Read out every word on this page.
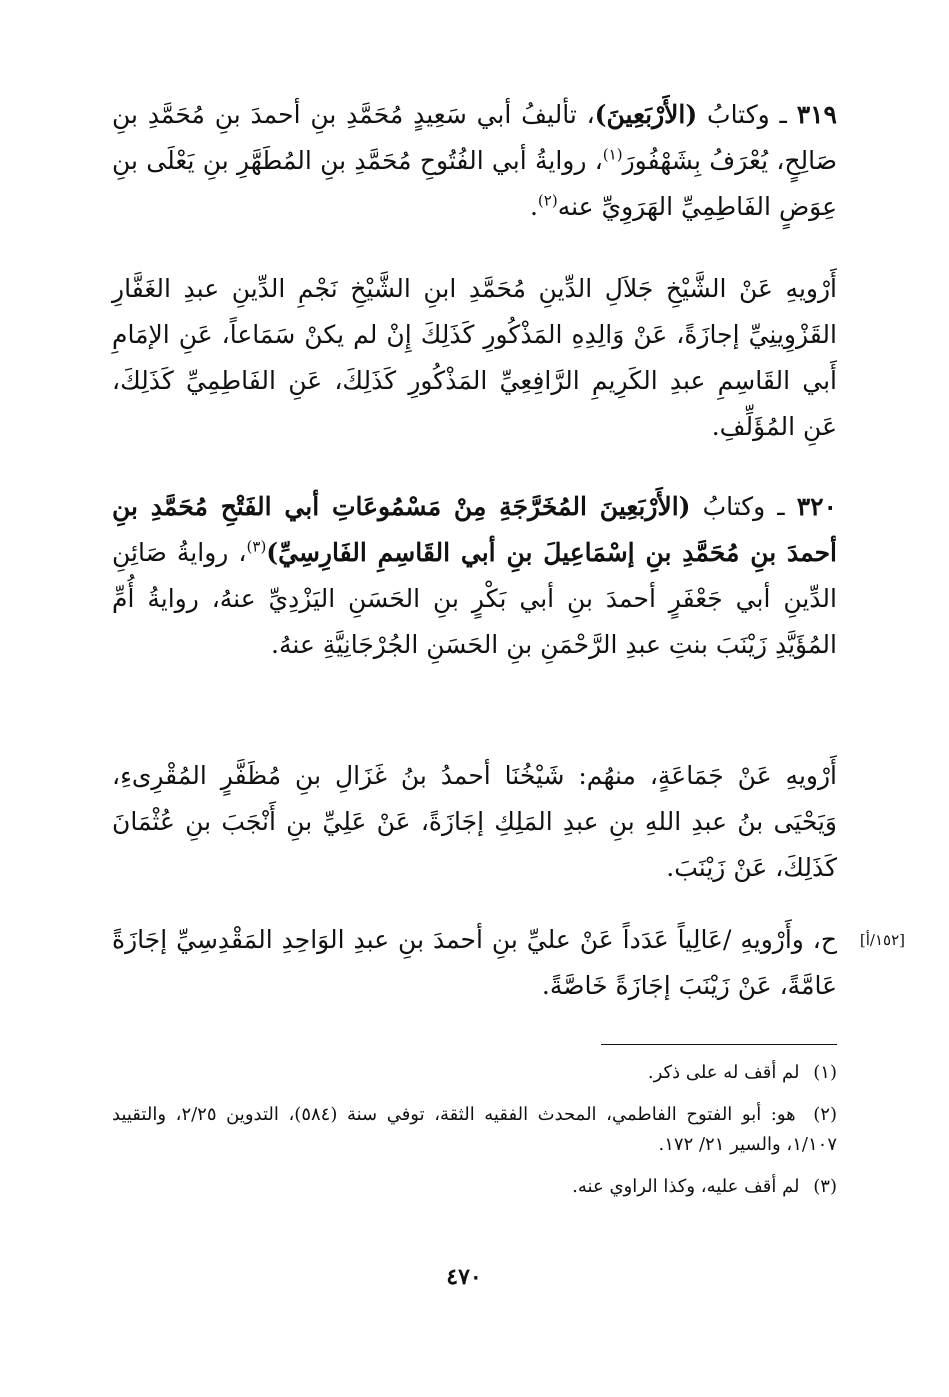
٣١٩ ـ وكتابُ (الأَرْبَعِينَ)، تأليفُ أبي سَعِيدٍ مُحَمَّدِ بنِ أحمدَ بنِ مُحَمَّدِ بنِ صَالِحٍ، يُعْرَفُ بِشَهْفُورَ$^{(١)}$، روايةُ أبي الفُتُوحِ مُحَمَّدِ بنِ المُطَهَّرِ بنِ يَعْلَى بنِ عِوَضٍ الفَاطِمِيِّ الهَرَوِيِّ عنه$^{(٢)}$.
أَرْويهِ عَنْ الشَّيْخِ جَلاَلِ الدِّينِ مُحَمَّدِ ابنِ الشَّيْخِ نَجْمِ الدِّينِ عبدِ الغَفَّارِ القَزْوِينِيِّ إجازَةً، عَنْ وَالِدِهِ المَذْكُورِ كَذَلِكَ إِنْ لم يكنْ سَمَاعاً، عَنِ الإمَامِ أَبي القَاسِمِ عبدِ الكَرِيمِ الرَّافِعِيِّ المَذْكُورِ كَذَلِكَ، عَنِ الفَاطِمِيِّ كَذَلِكَ، عَنِ المُؤَلِّفِ.
٣٢٠ ـ وكتابُ (الأَرْبَعِينَ المُخَرَّجَةِ مِنْ مَسْمُوعَاتِ أبي الفَتْحِ مُحَمَّدِ بنِ أحمدَ بنِ مُحَمَّدِ بنِ إسْمَاعِيلَ بنِ أبي القَاسِمِ الفَارِسِيِّ)$^{(٣)}$، روايةُ صَائِنِ الدِّينِ أبي جَعْفَرٍ أحمدَ بنِ أبي بَكْرٍ بنِ الحَسَنِ اليَزْدِيِّ عنهُ، روايةُ أُمِّ المُؤَيَّدِ زَيْنَبَ بنتِ عبدِ الرَّحْمَنِ بنِ الحَسَنِ الجُرْجَانِيَّةِ عنهُ.
أَرْويهِ عَنْ جَمَاعَةٍ، منهُم: شَيْخُنَا أحمدُ بنُ غَزَالِ بنِ مُظَفَّرٍ المُقْرِىءِ، وَيَحْيَى بنُ عبدِ اللهِ بنِ عبدِ المَلِكِ إجَازَةً، عَنْ عَلِيِّ بنِ أَنْجَبَ بنِ عُثْمَانَ كَذَلِكَ، عَنْ زَيْنَبَ.
ح، وأَرْويهِ /عَالِياً عَدَداً عَنْ عليِّ بنِ أحمدَ بنِ عبدِ الوَاحِدِ المَقْدِسِيِّ إجَازَةً عَامَّةً، عَنْ زَيْنَبَ إجَازَةً خَاصَّةً.
[١٥٢/أ]
(١) لم أقف له على ذكر.
(٢) هو: أبو الفتوح الفاطمي، المحدث الفقيه الثقة، توفي سنة (٥٨٤)، التدوين ٢/٢٥، والتقييد ١/١٠٧، والسير ٢١/ ١٧٢.
(٣) لم أقف عليه، وكذا الراوي عنه.
٤٧٠
